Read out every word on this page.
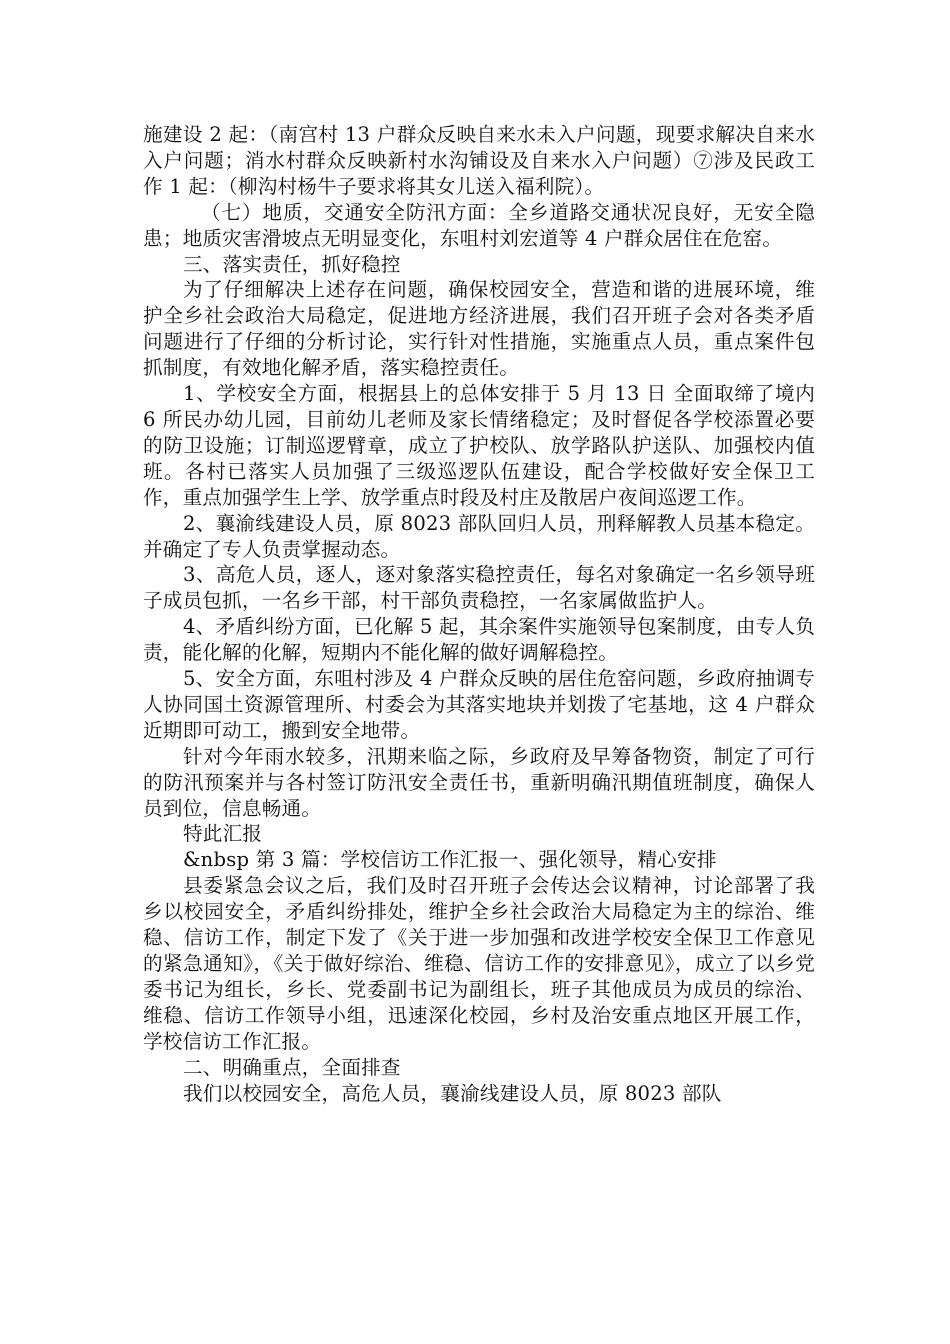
施建设 2 起：（南宫村 13 户群众反映自来水未入户问题，现要求解决自来水入户问题；消水村群众反映新村水沟铺设及自来水入户问题）⑦涉及民政工作 1 起：（柳沟村杨牛子要求将其女儿送入福利院）。

（七）地质，交通安全防汛方面：全乡道路交通状况良好，无安全隐患；地质灾害滑坡点无明显变化，东咀村刘宏道等 4 户群众居住在危窑。

三、落实责任，抓好稳控

为了仔细解决上述存在问题，确保校园安全，营造和谐的进展环境，维护全乡社会政治大局稳定，促进地方经济进展，我们召开班子会对各类矛盾问题进行了仔细的分析讨论，实行针对性措施，实施重点人员，重点案件包抓制度，有效地化解矛盾，落实稳控责任。

1、学校安全方面，根据县上的总体安排于 5 月 13 日 全面取缔了境内 6 所民办幼儿园，目前幼儿老师及家长情绪稳定；及时督促各学校添置必要的防卫设施；订制巡逻臂章，成立了护校队、放学路队护送队、加强校内值班。各村已落实人员加强了三级巡逻队伍建设，配合学校做好安全保卫工作，重点加强学生上学、放学重点时段及村庄及散居户夜间巡逻工作。

2、襄渝线建设人员，原 8023 部队回归人员，刑释解教人员基本稳定。并确定了专人负责掌握动态。

3、高危人员，逐人，逐对象落实稳控责任，每名对象确定一名乡领导班子成员包抓，一名乡干部，村干部负责稳控，一名家属做监护人。

4、矛盾纠纷方面，已化解 5 起，其余案件实施领导包案制度，由专人负责，能化解的化解，短期内不能化解的做好调解稳控。

5、安全方面，东咀村涉及 4 户群众反映的居住危窑问题，乡政府抽调专人协同国土资源管理所、村委会为其落实地块并划拨了宅基地，这 4 户群众近期即可动工，搬到安全地带。

针对今年雨水较多，汛期来临之际，乡政府及早筹备物资，制定了可行的防汛预案并与各村签订防汛安全责任书，重新明确汛期值班制度，确保人员到位，信息畅通。

特此汇报

&nbsp 第 3 篇：学校信访工作汇报一、强化领导，精心安排

县委紧急会议之后，我们及时召开班子会传达会议精神，讨论部署了我乡以校园安全，矛盾纠纷排处，维护全乡社会政治大局稳定为主的综治、维稳、信访工作，制定下发了《关于进一步加强和改进学校安全保卫工作意见的紧急通知》，《关于做好综治、维稳、信访工作的安排意见》，成立了以乡党委书记为组长，乡长、党委副书记为副组长，班子其他成员为成员的综治、维稳、信访工作领导小组，迅速深化校园，乡村及治安重点地区开展工作，学校信访工作汇报。

二、明确重点，全面排查

我们以校园安全，高危人员，襄渝线建设人员，原 8023 部队
